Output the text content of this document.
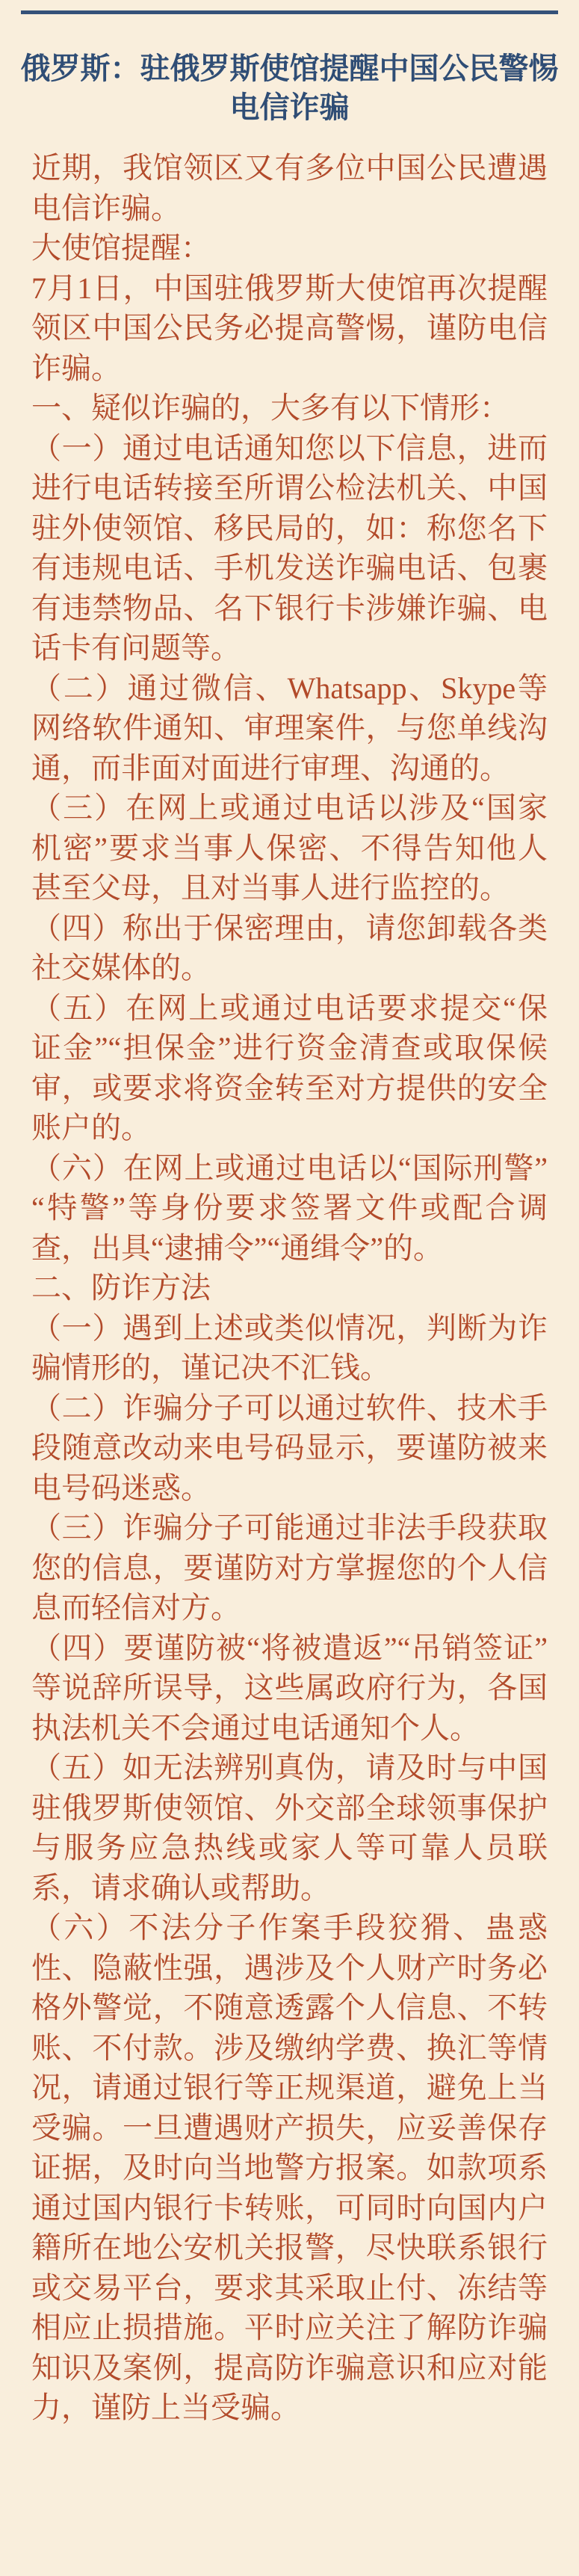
俄罗斯：驻俄罗斯使馆提醒中国公民警惕
电信诈骗

近期，我馆领区又有多位中国公民遭遇电信诈骗。

大使馆提醒：

7月1日，中国驻俄罗斯大使馆再次提醒领区中国公民务必提高警惕，谨防电信诈骗。

一、疑似诈骗的，大多有以下情形：

（一）通过电话通知您以下信息，进而进行电话转接至所谓公检法机关、中国驻外使领馆、移民局的，如：称您名下有违规电话、手机发送诈骗电话、包裹有违禁物品、名下银行卡涉嫌诈骗、电话卡有问题等。

（二）通过微信、Whatsapp、Skype等网络软件通知、审理案件，与您单线沟通，而非面对面进行审理、沟通的。

（三）在网上或通过电话以涉及“国家机密”要求当事人保密、不得告知他人甚至父母，且对当事人进行监控的。

（四）称出于保密理由，请您卸载各类社交媒体的。

（五）在网上或通过电话要求提交“保证金”“担保金”进行资金清查或取保候审，或要求将资金转至对方提供的安全账户的。

（六）在网上或通过电话以“国际刑警”“特警”等身份要求签署文件或配合调查，出具“逮捕令”“通缉令”的。

二、防诈方法

（一）遇到上述或类似情况，判断为诈骗情形的，谨记决不汇钱。

（二）诈骗分子可以通过软件、技术手段随意改动来电号码显示，要谨防被来电号码迷惑。

（三）诈骗分子可能通过非法手段获取您的信息，要谨防对方掌握您的个人信息而轻信对方。

（四）要谨防被“将被遣返”“吊销签证”等说辞所误导，这些属政府行为，各国执法机关不会通过电话通知个人。

（五）如无法辨别真伪，请及时与中国驻俄罗斯使领馆、外交部全球领事保护与服务应急热线或家人等可靠人员联系，请求确认或帮助。

（六）不法分子作案手段狡猾、蛊惑性、隐蔽性强，遇涉及个人财产时务必格外警觉，不随意透露个人信息、不转账、不付款。涉及缴纳学费、换汇等情况，请通过银行等正规渠道，避免上当受骗。一旦遭遇财产损失，应妥善保存证据，及时向当地警方报案。如款项系通过国内银行卡转账，可同时向国内户籍所在地公安机关报警，尽快联系银行或交易平台，要求其采取止付、冻结等相应止损措施。平时应关注了解防诈骗知识及案例，提高防诈骗意识和应对能力，谨防上当受骗。
